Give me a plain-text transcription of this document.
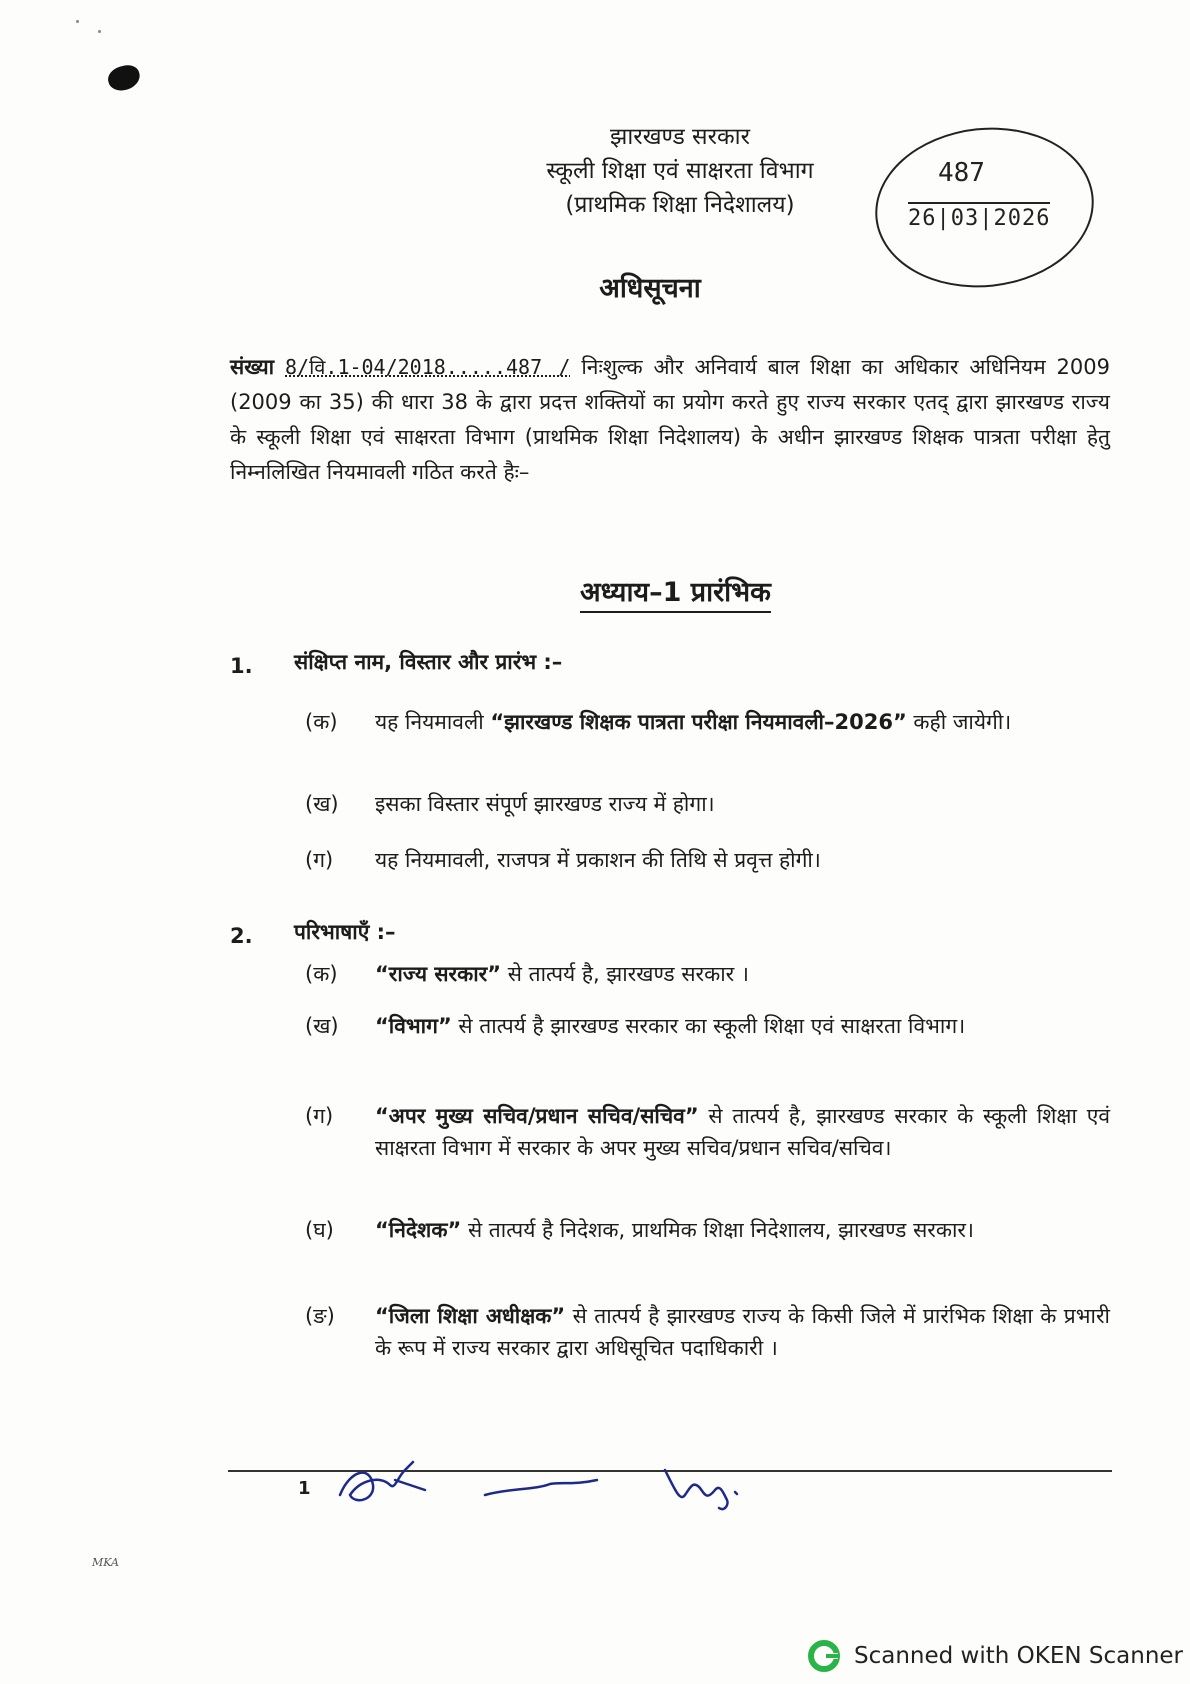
झारखण्ड सरकार
स्कूली शिक्षा एवं साक्षरता विभाग
(प्राथमिक शिक्षा निदेशालय)
487
26|03|2026
अधिसूचना
संख्या 8/वि.1-04/2018.....487 / निःशुल्क और अनिवार्य बाल शिक्षा का अधिकार अधिनियम 2009 (2009 का 35) की धारा 38 के द्वारा प्रदत्त शक्तियों का प्रयोग करते हुए राज्य सरकार एतद् द्वारा झारखण्ड राज्य के स्कूली शिक्षा एवं साक्षरता विभाग (प्राथमिक शिक्षा निदेशालय) के अधीन झारखण्ड शिक्षक पात्रता परीक्षा हेतु निम्नलिखित नियमावली गठित करते हैः–
अध्याय–1 प्रारंभिक
1. संक्षिप्त नाम, विस्तार और प्रारंभ :–
(क) यह नियमावली “झारखण्ड शिक्षक पात्रता परीक्षा नियमावली–2026” कही जायेगी।
(ख) इसका विस्तार संपूर्ण झारखण्ड राज्य में होगा।
(ग) यह नियमावली, राजपत्र में प्रकाशन की तिथि से प्रवृत्त होगी।
2. परिभाषाएँ :–
(क) “राज्य सरकार” से तात्पर्य है, झारखण्ड सरकार ।
(ख) “विभाग” से तात्पर्य है झारखण्ड सरकार का स्कूली शिक्षा एवं साक्षरता विभाग।
(ग) “अपर मुख्य सचिव/प्रधान सचिव/सचिव” से तात्पर्य है, झारखण्ड सरकार के स्कूली शिक्षा एवं साक्षरता विभाग में सरकार के अपर मुख्य सचिव/प्रधान सचिव/सचिव।
(घ) “निदेशक” से तात्पर्य है निदेशक, प्राथमिक शिक्षा निदेशालय, झारखण्ड सरकार।
(ङ) “जिला शिक्षा अधीक्षक” से तात्पर्य है झारखण्ड राज्य के किसी जिले में प्रारंभिक शिक्षा के प्रभारी के रूप में राज्य सरकार द्वारा अधिसूचित पदाधिकारी ।
1
MKA
Scanned with OKEN Scanner
